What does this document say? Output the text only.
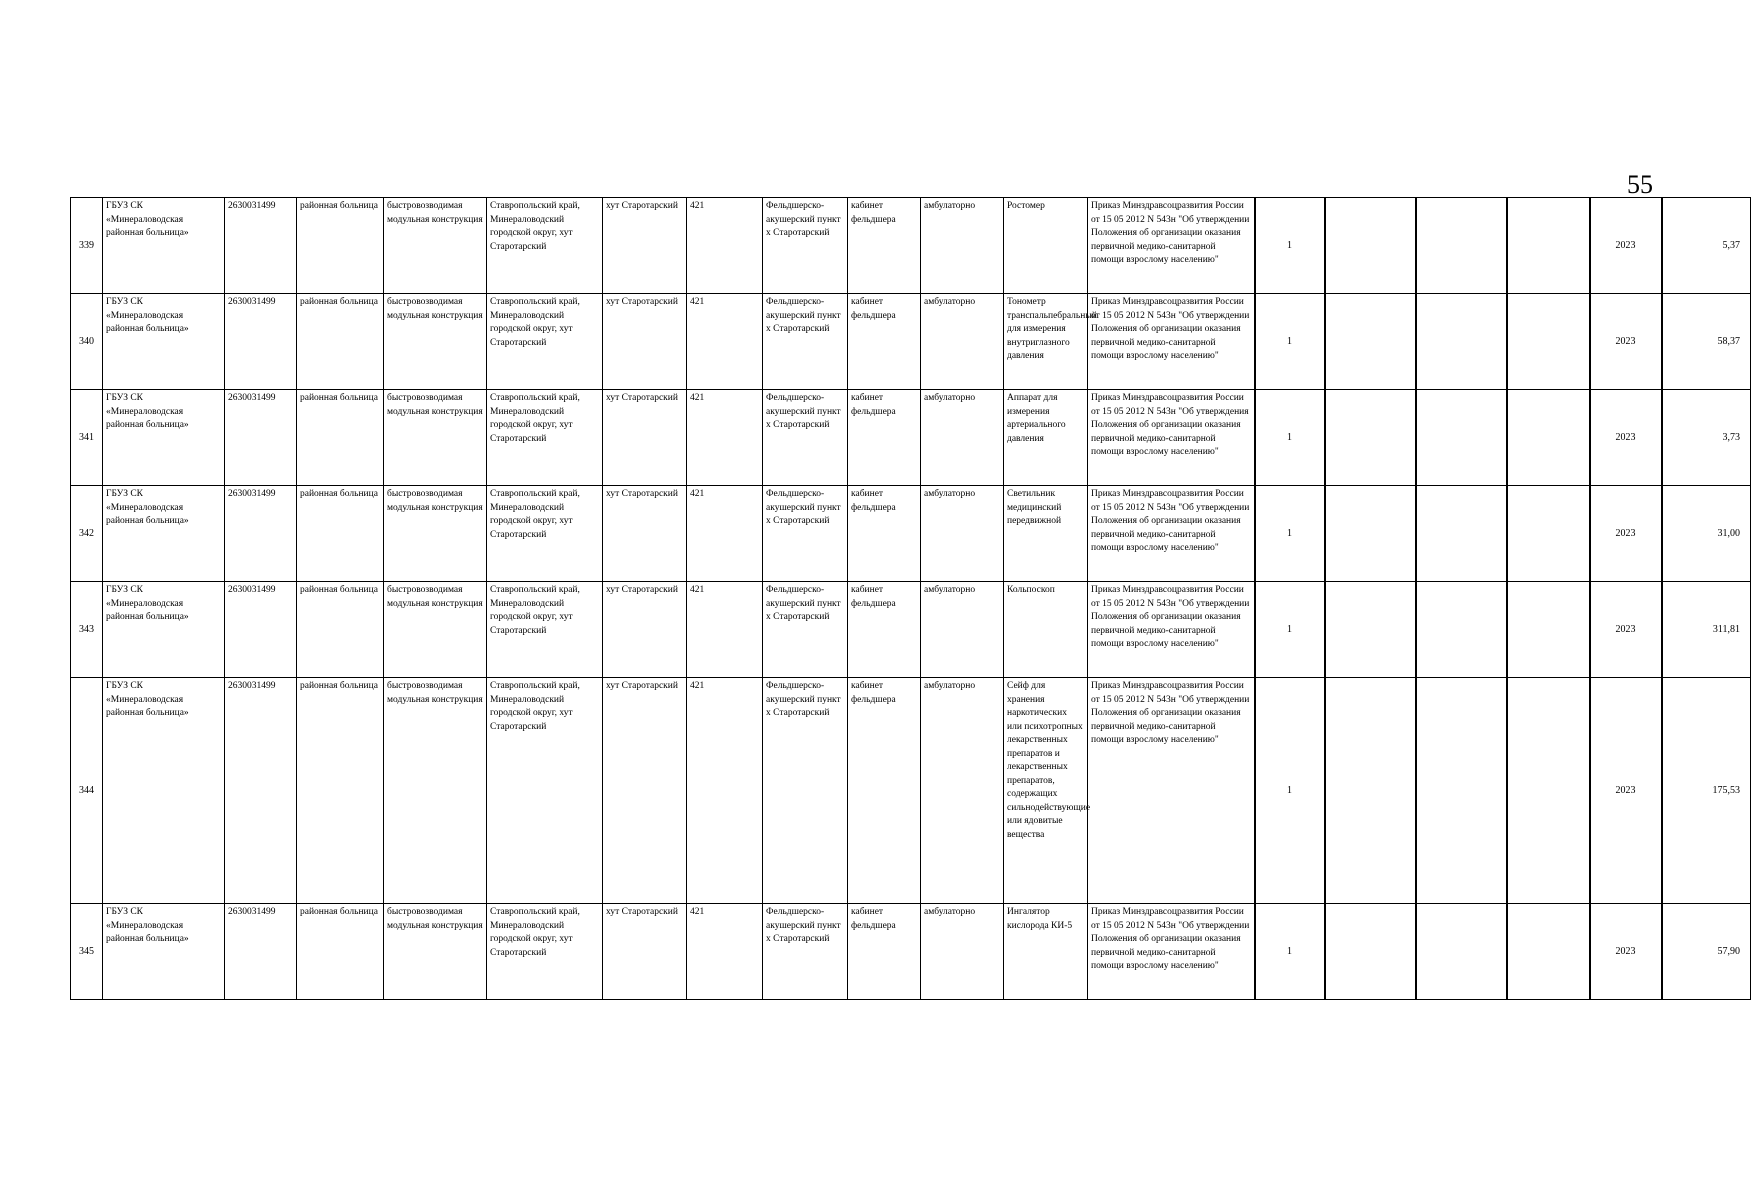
55
339	ГБУЗ СК «Минераловодская районная больница»	2630031499	районная больница	быстровозводимая модульная конструкция	Ставропольский край, Минераловодский городской округ, хут Старотарский	хут Старотарский	421	Фельдшерско-акушерский пункт х Старотарский	кабинет фельдшера	амбулаторно	Ростомер	Приказ Минздравсоцразвития России от 15 05 2012 N 543н "Об утверждении Положения об организации оказания первичной медико-санитарной помощи взрослому населению"	1				2023	5,37
340	ГБУЗ СК «Минераловодская районная больница»	2630031499	районная больница	быстровозводимая модульная конструкция	Ставропольский край, Минераловодский городской округ, хут Старотарский	хут Старотарский	421	Фельдшерско-акушерский пункт х Старотарский	кабинет фельдшера	амбулаторно	Тонометр транспальпебральный для измерения внутриглазного давления	Приказ Минздравсоцразвития России от 15 05 2012 N 543н "Об утверждении Положения об организации оказания первичной медико-санитарной помощи взрослому населению"	1				2023	58,37
341	ГБУЗ СК «Минераловодская районная больница»	2630031499	районная больница	быстровозводимая модульная конструкция	Ставропольский край, Минераловодский городской округ, хут Старотарский	хут Старотарский	421	Фельдшерско-акушерский пункт х Старотарский	кабинет фельдшера	амбулаторно	Аппарат для измерения артериального давления	Приказ Минздравсоцразвития России от 15 05 2012 N 543н "Об утверждения Положения об организации оказания первичной медико-санитарной помощи взрослому населению"	1				2023	3,73
342	ГБУЗ СК «Минераловодская районная больница»	2630031499	районная больница	быстровозводимая модульная конструкция	Ставропольский край, Минераловодский городской округ, хут Старотарский	хут Старотарский	421	Фельдшерско-акушерский пункт х Старотарский	кабинет фельдшера	амбулаторно	Светильник медицинский передвижной	Приказ Минздравсоцразвития России от 15 05 2012 N 543н "Об утверждении Положения об организации оказания первичной медико-санитарной помощи взрослому населению"	1				2023	31,00
343	ГБУЗ СК «Минераловодская районная больница»	2630031499	районная больница	быстровозводимая модульная конструкция	Ставропольский край, Минераловодский городской округ, хут Старотарский	хут Старотарский	421	Фельдшерско-акушерский пункт х Старотарский	кабинет фельдшера	амбулаторно	Кольпоскоп	Приказ Минздравсоцразвития России от 15 05 2012 N 543н "Об утверждении Положения об организации оказания первичной медико-санитарной помощи взрослому населению"	1				2023	311,81
344	ГБУЗ СК «Минераловодская районная больница»	2630031499	районная больница	быстровозводимая модульная конструкция	Ставропольский край, Минераловодский городской округ, хут Старотарский	хут Старотарский	421	Фельдшерско-акушерский пункт х Старотарский	кабинет фельдшера	амбулаторно	Сейф для хранения наркотических или психотропных лекарственных препаратов и лекарственных препаратов, содержащих сильнодействующие или ядовитые вещества	Приказ Минздравсоцразвития России от 15 05 2012 N 543н "Об утверждении Положения об организации оказания первичной медико-санитарной помощи взрослому населению"	1				2023	175,53
345	ГБУЗ СК «Минераловодская районная больница»	2630031499	районная больница	быстровозводимая модульная конструкция	Ставропольский край, Минераловодский городской округ, хут Старотарский	хут Старотарский	421	Фельдшерско-акушерский пункт х Старотарский	кабинет фельдшера	амбулаторно	Ингалятор кислорода КИ-5	Приказ Минздравсоцразвития России от 15 05 2012 N 543н "Об утверждении Положения об организации оказания первичной медико-санитарной помощи взрослому населению"	1				2023	57,90
